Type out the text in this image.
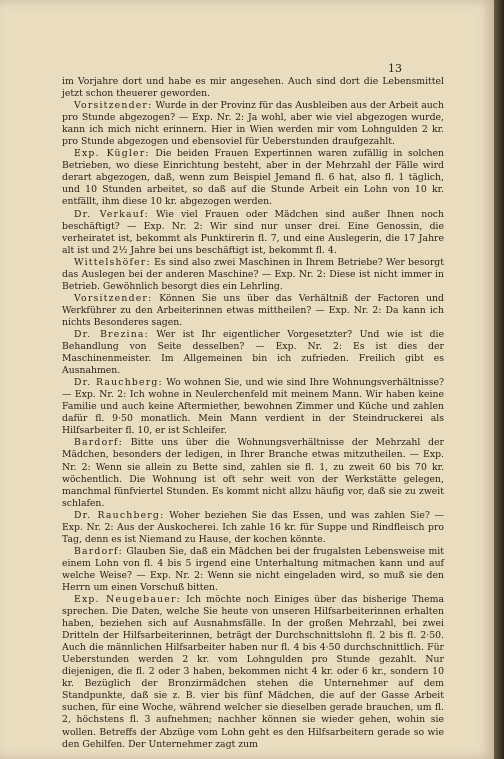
13

im Vorjahre dort und habe es mir angesehen. Auch sind dort die Lebensmittel jetzt schon theuerer geworden.

Vorsitzender: Wurde in der Provinz für das Ausbleiben aus der Arbeit auch pro Stunde abgezogen? — Exp. Nr. 2: Ja wohl, aber wie viel abgezogen wurde, kann ich mich nicht erinnern. Hier in Wien werden mir vom Lohngulden 2 kr. pro Stunde abgezogen und ebensoviel für Ueberstunden draufgezahlt.

Exp. Kügler: Die beiden Frauen Expertinnen waren zufällig in solchen Betrieben, wo diese Einrichtung besteht, aber in der Mehrzahl der Fälle wird derart abgezogen, daß, wenn zum Beispiel Jemand fl. 6 hat, also fl. 1 täglich, und 10 Stunden arbeitet, so daß auf die Stunde Arbeit ein Lohn von 10 kr. entfällt, ihm diese 10 kr. abgezogen werden.

Dr. Verkauf: Wie viel Frauen oder Mädchen sind außer Ihnen noch beschäftigt? — Exp. Nr. 2: Wir sind nur unser drei. Eine Genossin, die verheiratet ist, bekommt als Punktirerin fl. 7, und eine Auslegerin, die 17 Jahre alt ist und 2½ Jahre bei uns beschäftigt ist, bekommt fl. 4.

Wittelshöfer: Es sind also zwei Maschinen in Ihrem Betriebe? Wer besorgt das Auslegen bei der anderen Maschine? — Exp. Nr. 2: Diese ist nicht immer in Betrieb. Gewöhnlich besorgt dies ein Lehrling.

Vorsitzender: Können Sie uns über das Verhältniß der Factoren und Werkführer zu den Arbeiterinnen etwas mittheilen? — Exp. Nr. 2: Da kann ich nichts Besonderes sagen.

Dr. Brezina: Wer ist Ihr eigentlicher Vorgesetzter? Und wie ist die Behandlung von Seite desselben? — Exp. Nr. 2: Es ist dies der Maschinenmeister. Im Allgemeinen bin ich zufrieden. Freilich gibt es Ausnahmen.

Dr. Rauchberg: Wo wohnen Sie, und wie sind Ihre Wohnungsverhältnisse? — Exp. Nr. 2: Ich wohne in Neulerchenfeld mit meinem Mann. Wir haben keine Familie und auch keine Aftermiether, bewohnen Zimmer und Küche und zahlen dafür fl. 9·50 monatlich. Mein Mann verdient in der Steindruckerei als Hilfsarbeiter fl. 10, er ist Schleifer.

Bardorf: Bitte uns über die Wohnungsverhältnisse der Mehrzahl der Mädchen, besonders der ledigen, in Ihrer Branche etwas mitzutheilen. — Exp. Nr. 2: Wenn sie allein zu Bette sind, zahlen sie fl. 1, zu zweit 60 bis 70 kr. wöchentlich. Die Wohnung ist oft sehr weit von der Werkstätte gelegen, manchmal fünfviertel Stunden. Es kommt nicht allzu häufig vor, daß sie zu zweit schlafen.

Dr. Rauchberg: Woher beziehen Sie das Essen, und was zahlen Sie? — Exp. Nr. 2: Aus der Auskocherei. Ich zahle 16 kr. für Suppe und Rindfleisch pro Tag, denn es ist Niemand zu Hause, der kochen könnte.

Bardorf: Glauben Sie, daß ein Mädchen bei der frugalsten Lebensweise mit einem Lohn von fl. 4 bis 5 irgend eine Unterhaltung mitmachen kann und auf welche Weise? — Exp. Nr. 2: Wenn sie nicht eingeladen wird, so muß sie den Herrn um einen Vorschuß bitten.

Exp. Neugebauer: Ich möchte noch Einiges über das bisherige Thema sprechen. Die Daten, welche Sie heute von unseren Hilfsarbeiterinnen erhalten haben, beziehen sich auf Ausnahmsfälle. In der großen Mehrzahl, bei zwei Dritteln der Hilfsarbeiterinnen, beträgt der Durchschnittslohn fl. 2 bis fl. 2·50. Auch die männlichen Hilfsarbeiter haben nur fl. 4 bis 4·50 durchschnittlich. Für Ueberstunden werden 2 kr. vom Lohngulden pro Stunde gezahlt. Nur diejenigen, die fl. 2 oder 3 haben, bekommen nicht 4 kr. oder 6 kr., sondern 10 kr. Bezüglich der Bronzirmädchen stehen die Unternehmer auf dem Standpunkte, daß sie z. B. vier bis fünf Mädchen, die auf der Gasse Arbeit suchen, für eine Woche, während welcher sie dieselben gerade brauchen, um fl. 2, höchstens fl. 3 aufnehmen; nachher können sie wieder gehen, wohin sie wollen. Betreffs der Abzüge vom Lohn geht es den Hilfsarbeitern gerade so wie den Gehilfen. Der Unternehmer zagt zum
